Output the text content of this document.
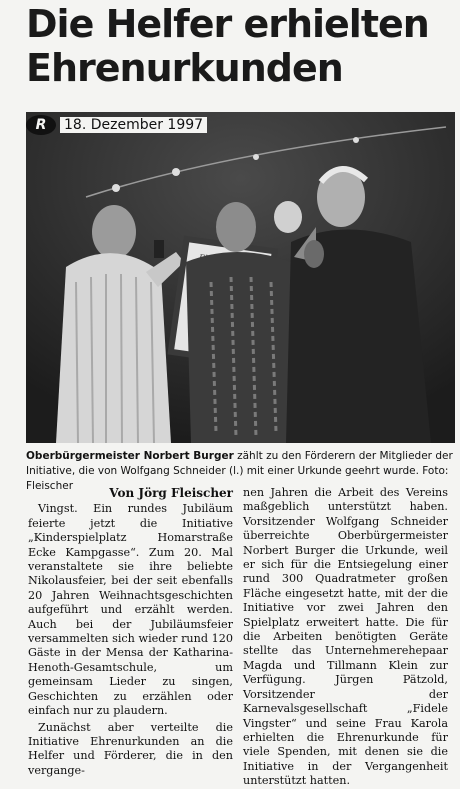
Die Helfer erhielten Ehrenurkunden
R 18. Dezember 1997

Oberbürgermeister Norbert Burger zählt zu den Förderern der Mitglieder der Initiative, die von Wolfgang Schneider (l.) mit einer Urkunde geehrt wurde. Foto: Fleischer	Von Jörg Fleischer

Vingst. Ein rundes Jubiläum feierte jetzt die Initiative „Kinderspielplatz Homarstraße Ecke Kampgasse“. Zum 20. Mal veranstaltete sie ihre beliebte Nikolausfeier, bei der seit ebenfalls 20 Jahren Weihnachtsgeschichten aufgeführt und erzählt werden. Auch bei der Jubiläumsfeier versammelten sich wieder rund 120 Gäste in der Mensa der Katharina-Henoth-Gesamtschule, um gemeinsam Lieder zu singen, Geschichten zu erzählen oder einfach nur zu plaudern.

Zunächst aber verteilte die Initiative Ehrenurkunden an die Helfer und Förderer, die in den vergange-

nen Jahren die Arbeit des Vereins maßgeblich unterstützt haben. Vorsitzender Wolfgang Schneider überreichte Oberbürgermeister Norbert Burger die Urkunde, weil er sich für die Entsiegelung einer rund 300 Quadratmeter großen Fläche eingesetzt hatte, mit der die Initiative vor zwei Jahren den Spielplatz erweitert hatte. Die für die Arbeiten benötigten Geräte stellte das Unternehmerehepaar Magda und Tillmann Klein zur Verfügung. Jürgen Pätzold, Vorsitzender der Karnevalsgesellschaft „Fidele Vingster“ und seine Frau Karola erhielten die Ehrenurkunde für viele Spenden, mit denen sie die Initiative in der Vergangenheit unterstützt hatten.
